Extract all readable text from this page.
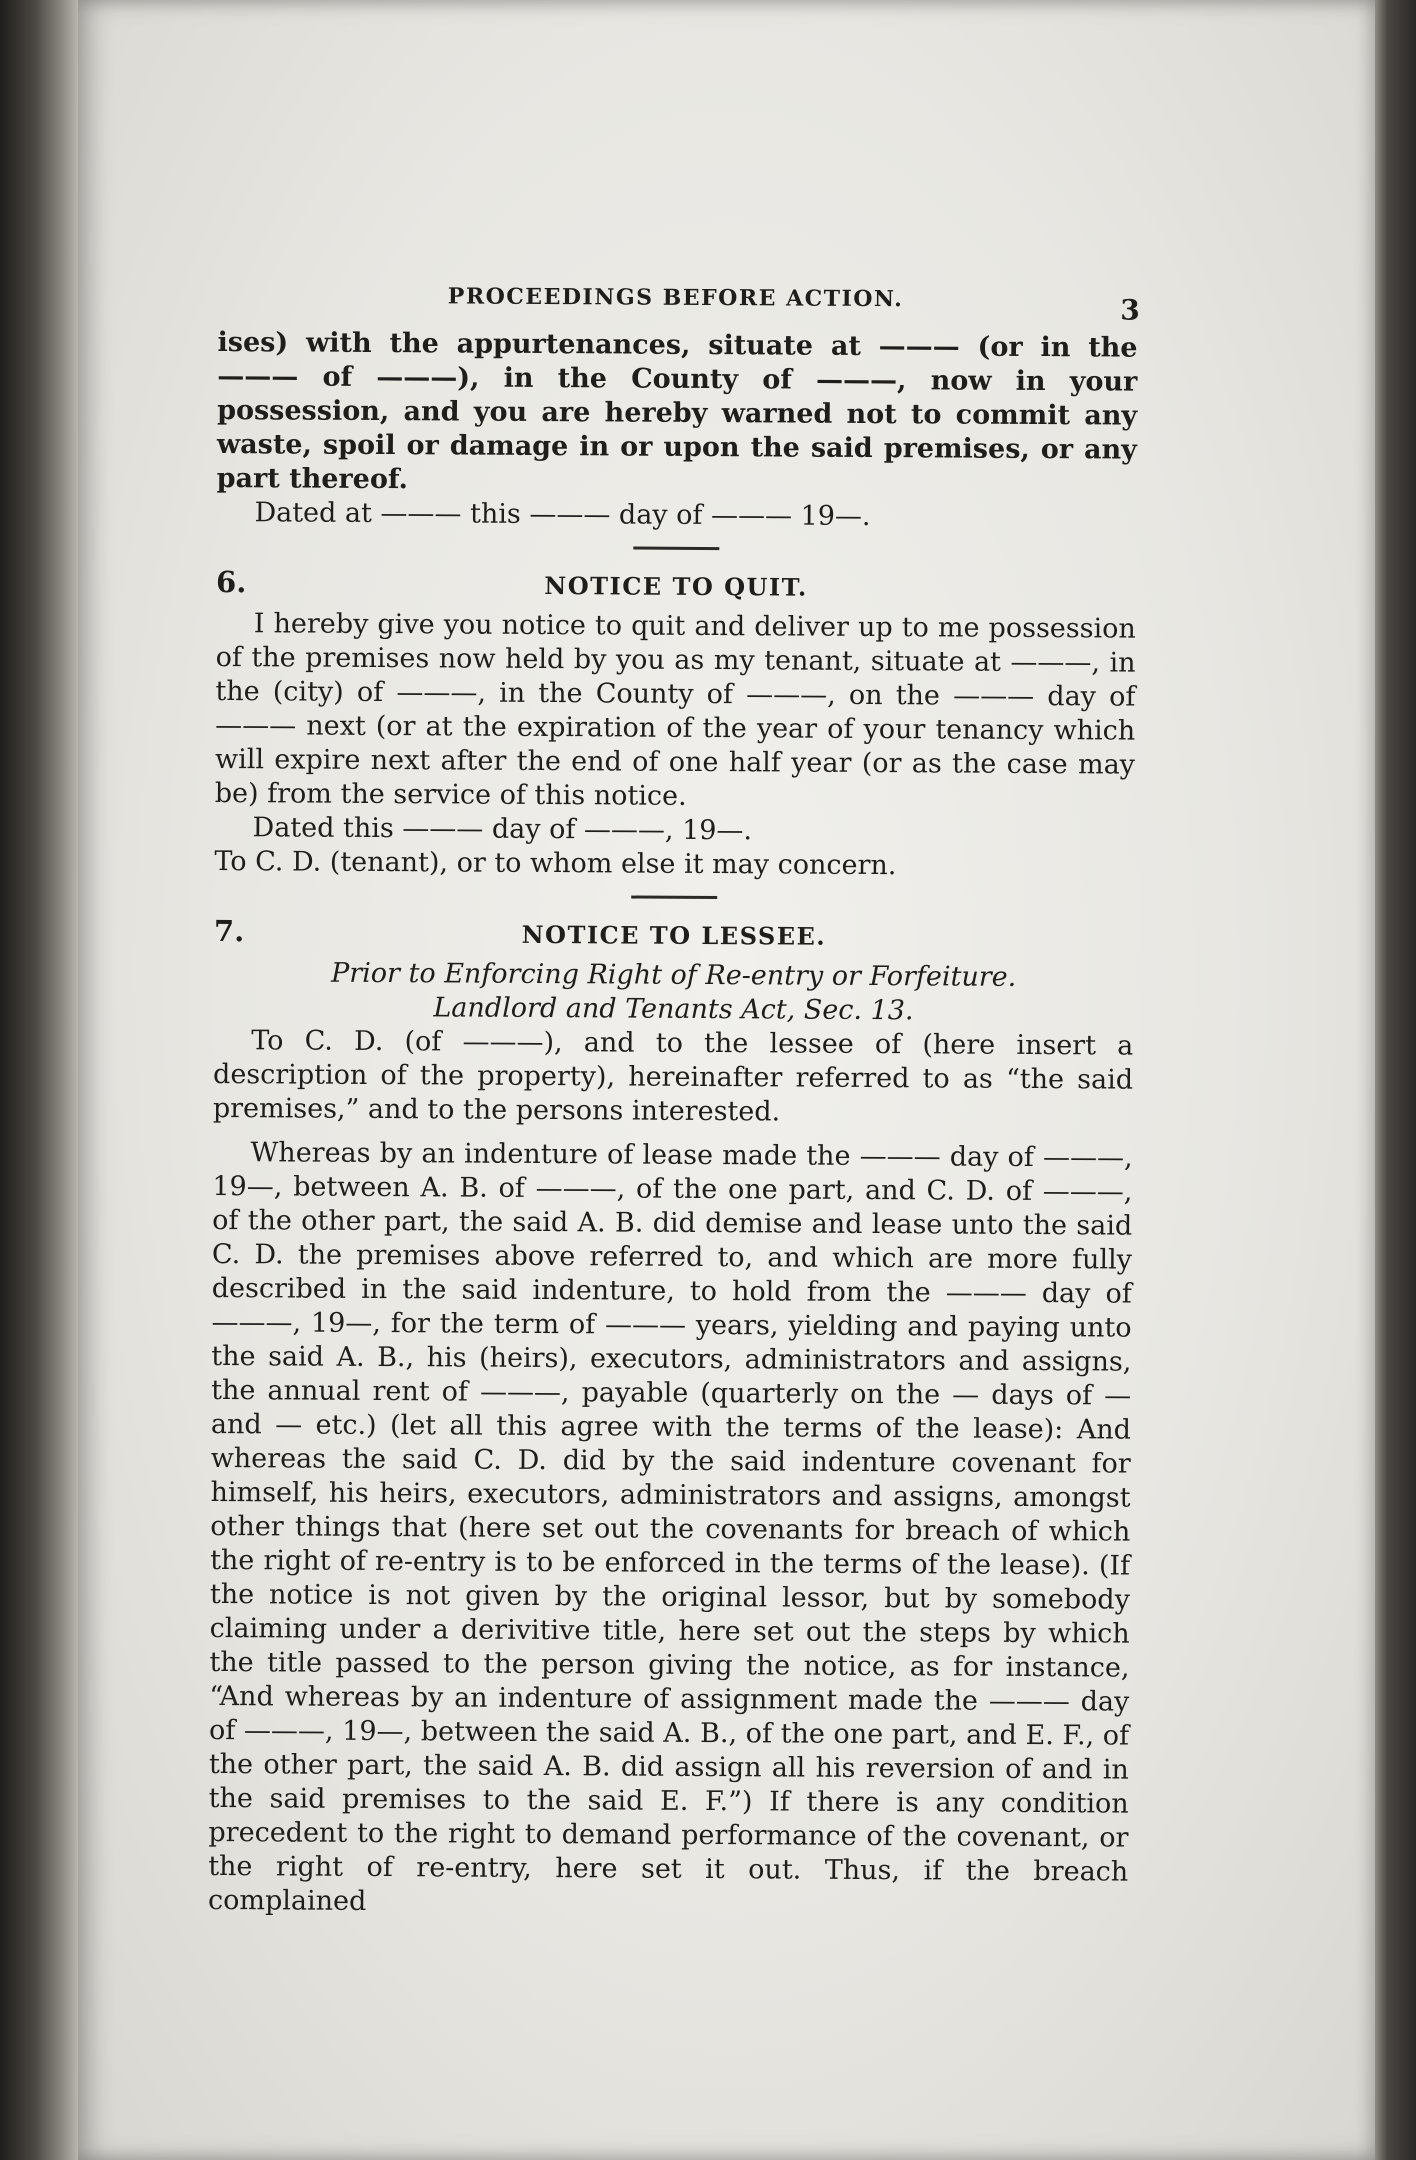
PROCEEDINGS BEFORE ACTION.	3

ises) with the appurtenances, situate at ——— (or in the ——— of ———), in the County of ———, now in your possession, and you are hereby warned not to commit any waste, spoil or damage in or upon the said premises, or any part thereof.

Dated at ——— this ——— day of ——— 19—.

6.	NOTICE TO QUIT.

I hereby give you notice to quit and deliver up to me possession of the premises now held by you as my tenant, situate at ———, in the (city) of ———, in the County of ———, on the ——— day of ——— next (or at the expiration of the year of your tenancy which will expire next after the end of one half year (or as the case may be) from the service of this notice.

Dated this ——— day of ———, 19—.

To C. D. (tenant), or to whom else it may concern.

7.	NOTICE TO LESSEE.

Prior to Enforcing Right of Re-entry or Forfeiture.

Landlord and Tenants Act, Sec. 13.

To C. D. (of ———), and to the lessee of (here insert a description of the property), hereinafter referred to as “the said premises,” and to the persons interested.

Whereas by an indenture of lease made the ——— day of ———, 19—, between A. B. of ———, of the one part, and C. D. of ———, of the other part, the said A. B. did demise and lease unto the said C. D. the premises above referred to, and which are more fully described in the said indenture, to hold from the ——— day of ———, 19—, for the term of ——— years, yielding and paying unto the said A. B., his (heirs), executors, administrators and assigns, the annual rent of ———, payable (quarterly on the — days of — and — etc.) (let all this agree with the terms of the lease): And whereas the said C. D. did by the said indenture covenant for himself, his heirs, executors, administrators and assigns, amongst other things that (here set out the covenants for breach of which the right of re-entry is to be enforced in the terms of the lease). (If the notice is not given by the original lessor, but by somebody claiming under a derivitive title, here set out the steps by which the title passed to the person giving the notice, as for instance, “And whereas by an indenture of assignment made the ——— day of ———, 19—, between the said A. B., of the one part, and E. F., of the other part, the said A. B. did assign all his reversion of and in the said premises to the said E. F.”) If there is any condition precedent to the right to demand performance of the covenant, or the right of re-entry, here set it out. Thus, if the breach complained
